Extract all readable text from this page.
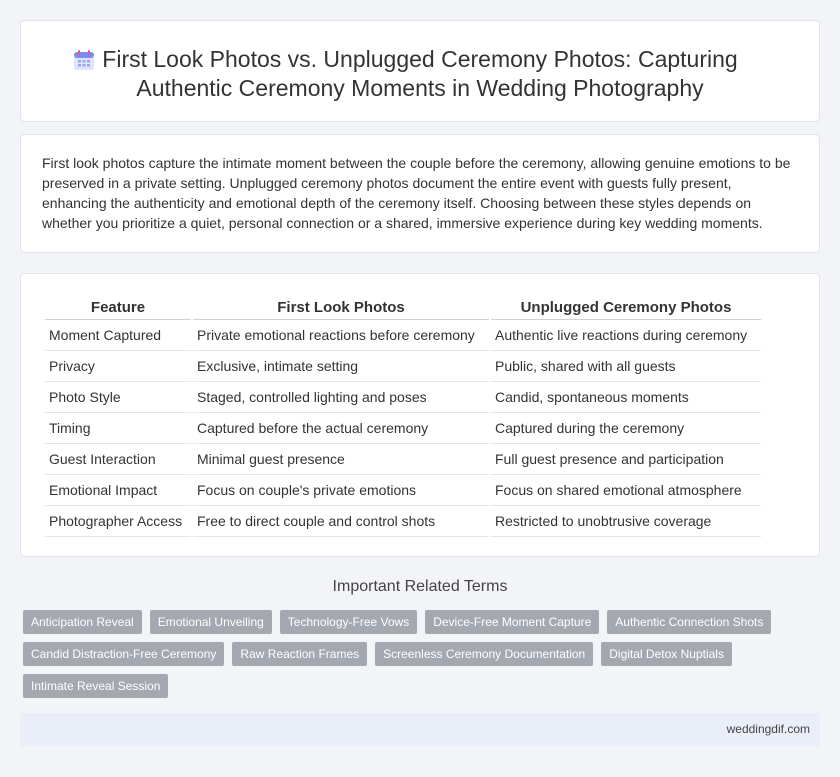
First Look Photos vs. Unplugged Ceremony Photos: Capturing Authentic Ceremony Moments in Wedding Photography

First look photos capture the intimate moment between the couple before the ceremony, allowing genuine emotions to be preserved in a private setting. Unplugged ceremony photos document the entire event with guests fully present, enhancing the authenticity and emotional depth of the ceremony itself. Choosing between these styles depends on whether you prioritize a quiet, personal connection or a shared, immersive experience during key wedding moments.

Feature	First Look Photos	Unplugged Ceremony Photos
Moment Captured	Private emotional reactions before ceremony	Authentic live reactions during ceremony
Privacy	Exclusive, intimate setting	Public, shared with all guests
Photo Style	Staged, controlled lighting and poses	Candid, spontaneous moments
Timing	Captured before the actual ceremony	Captured during the ceremony
Guest Interaction	Minimal guest presence	Full guest presence and participation
Emotional Impact	Focus on couple's private emotions	Focus on shared emotional atmosphere
Photographer Access	Free to direct couple and control shots	Restricted to unobtrusive coverage
Important Related Terms
Anticipation Reveal	Emotional Unveiling	Technology-Free Vows	Device-Free Moment Capture	Authentic Connection Shots
Candid Distraction-Free Ceremony	Raw Reaction Frames	Screenless Ceremony Documentation	Digital Detox Nuptials
Intimate Reveal Session
weddingdif.com
